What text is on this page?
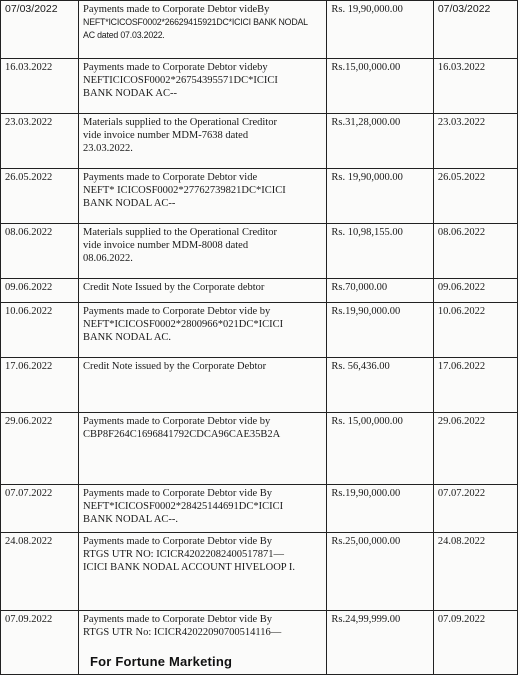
07/03/2022	Payments made to Corporate Debtor videBy
NEFT*ICICOSF0002*26629415921DC*ICICI BANK NODAL
AC dated 07.03.2022.	Rs. 19,90,000.00	07/03/2022
16.03.2022	Payments made to Corporate Debtor videby
NEFTICICOSF0002*26754395571DC*ICICI
BANK NODAK AC--	Rs.15,00,000.00	16.03.2022
23.03.2022	Materials supplied to the Operational Creditor
vide invoice number MDM-7638 dated
23.03.2022.	Rs.31,28,000.00	23.03.2022
26.05.2022	Payments made to Corporate Debtor vide
NEFT* ICICOSF0002*27762739821DC*ICICI
BANK NODAL AC--	Rs. 19,90,000.00	26.05.2022
08.06.2022	Materials supplied to the Operational Creditor
vide invoice number MDM-8008 dated
08.06.2022.	Rs. 10,98,155.00	08.06.2022
09.06.2022	Credit Note Issued by the Corporate debtor	Rs.70,000.00	09.06.2022
10.06.2022	Payments made to Corporate Debtor vide by
NEFT*ICICOSF0002*2800966*021DC*ICICI
BANK NODAL AC.	Rs.19,90,000.00	10.06.2022
17.06.2022	Credit Note issued by the Corporate Debtor	Rs. 56,436.00	17.06.2022
29.06.2022	Payments made to Corporate Debtor vide by
CBP8F264C1696841792CDCA96CAE35B2A	Rs. 15,00,000.00	29.06.2022
07.07.2022	Payments made to Corporate Debtor vide By
NEFT*ICICOSF0002*28425144691DC*ICICI
BANK NODAL AC--.	Rs.19,90,000.00	07.07.2022
24.08.2022	Payments made to Corporate Debtor vide By
RTGS UTR NO: ICICR42022082400517871—
ICICI BANK NODAL ACCOUNT HIVELOOP I.	Rs.25,00,000.00	24.08.2022
07.09.2022	Payments made to Corporate Debtor vide By
RTGS UTR No: ICICR42022090700514116—	Rs.24,99,999.00	07.09.2022
For Fortune Marketing
